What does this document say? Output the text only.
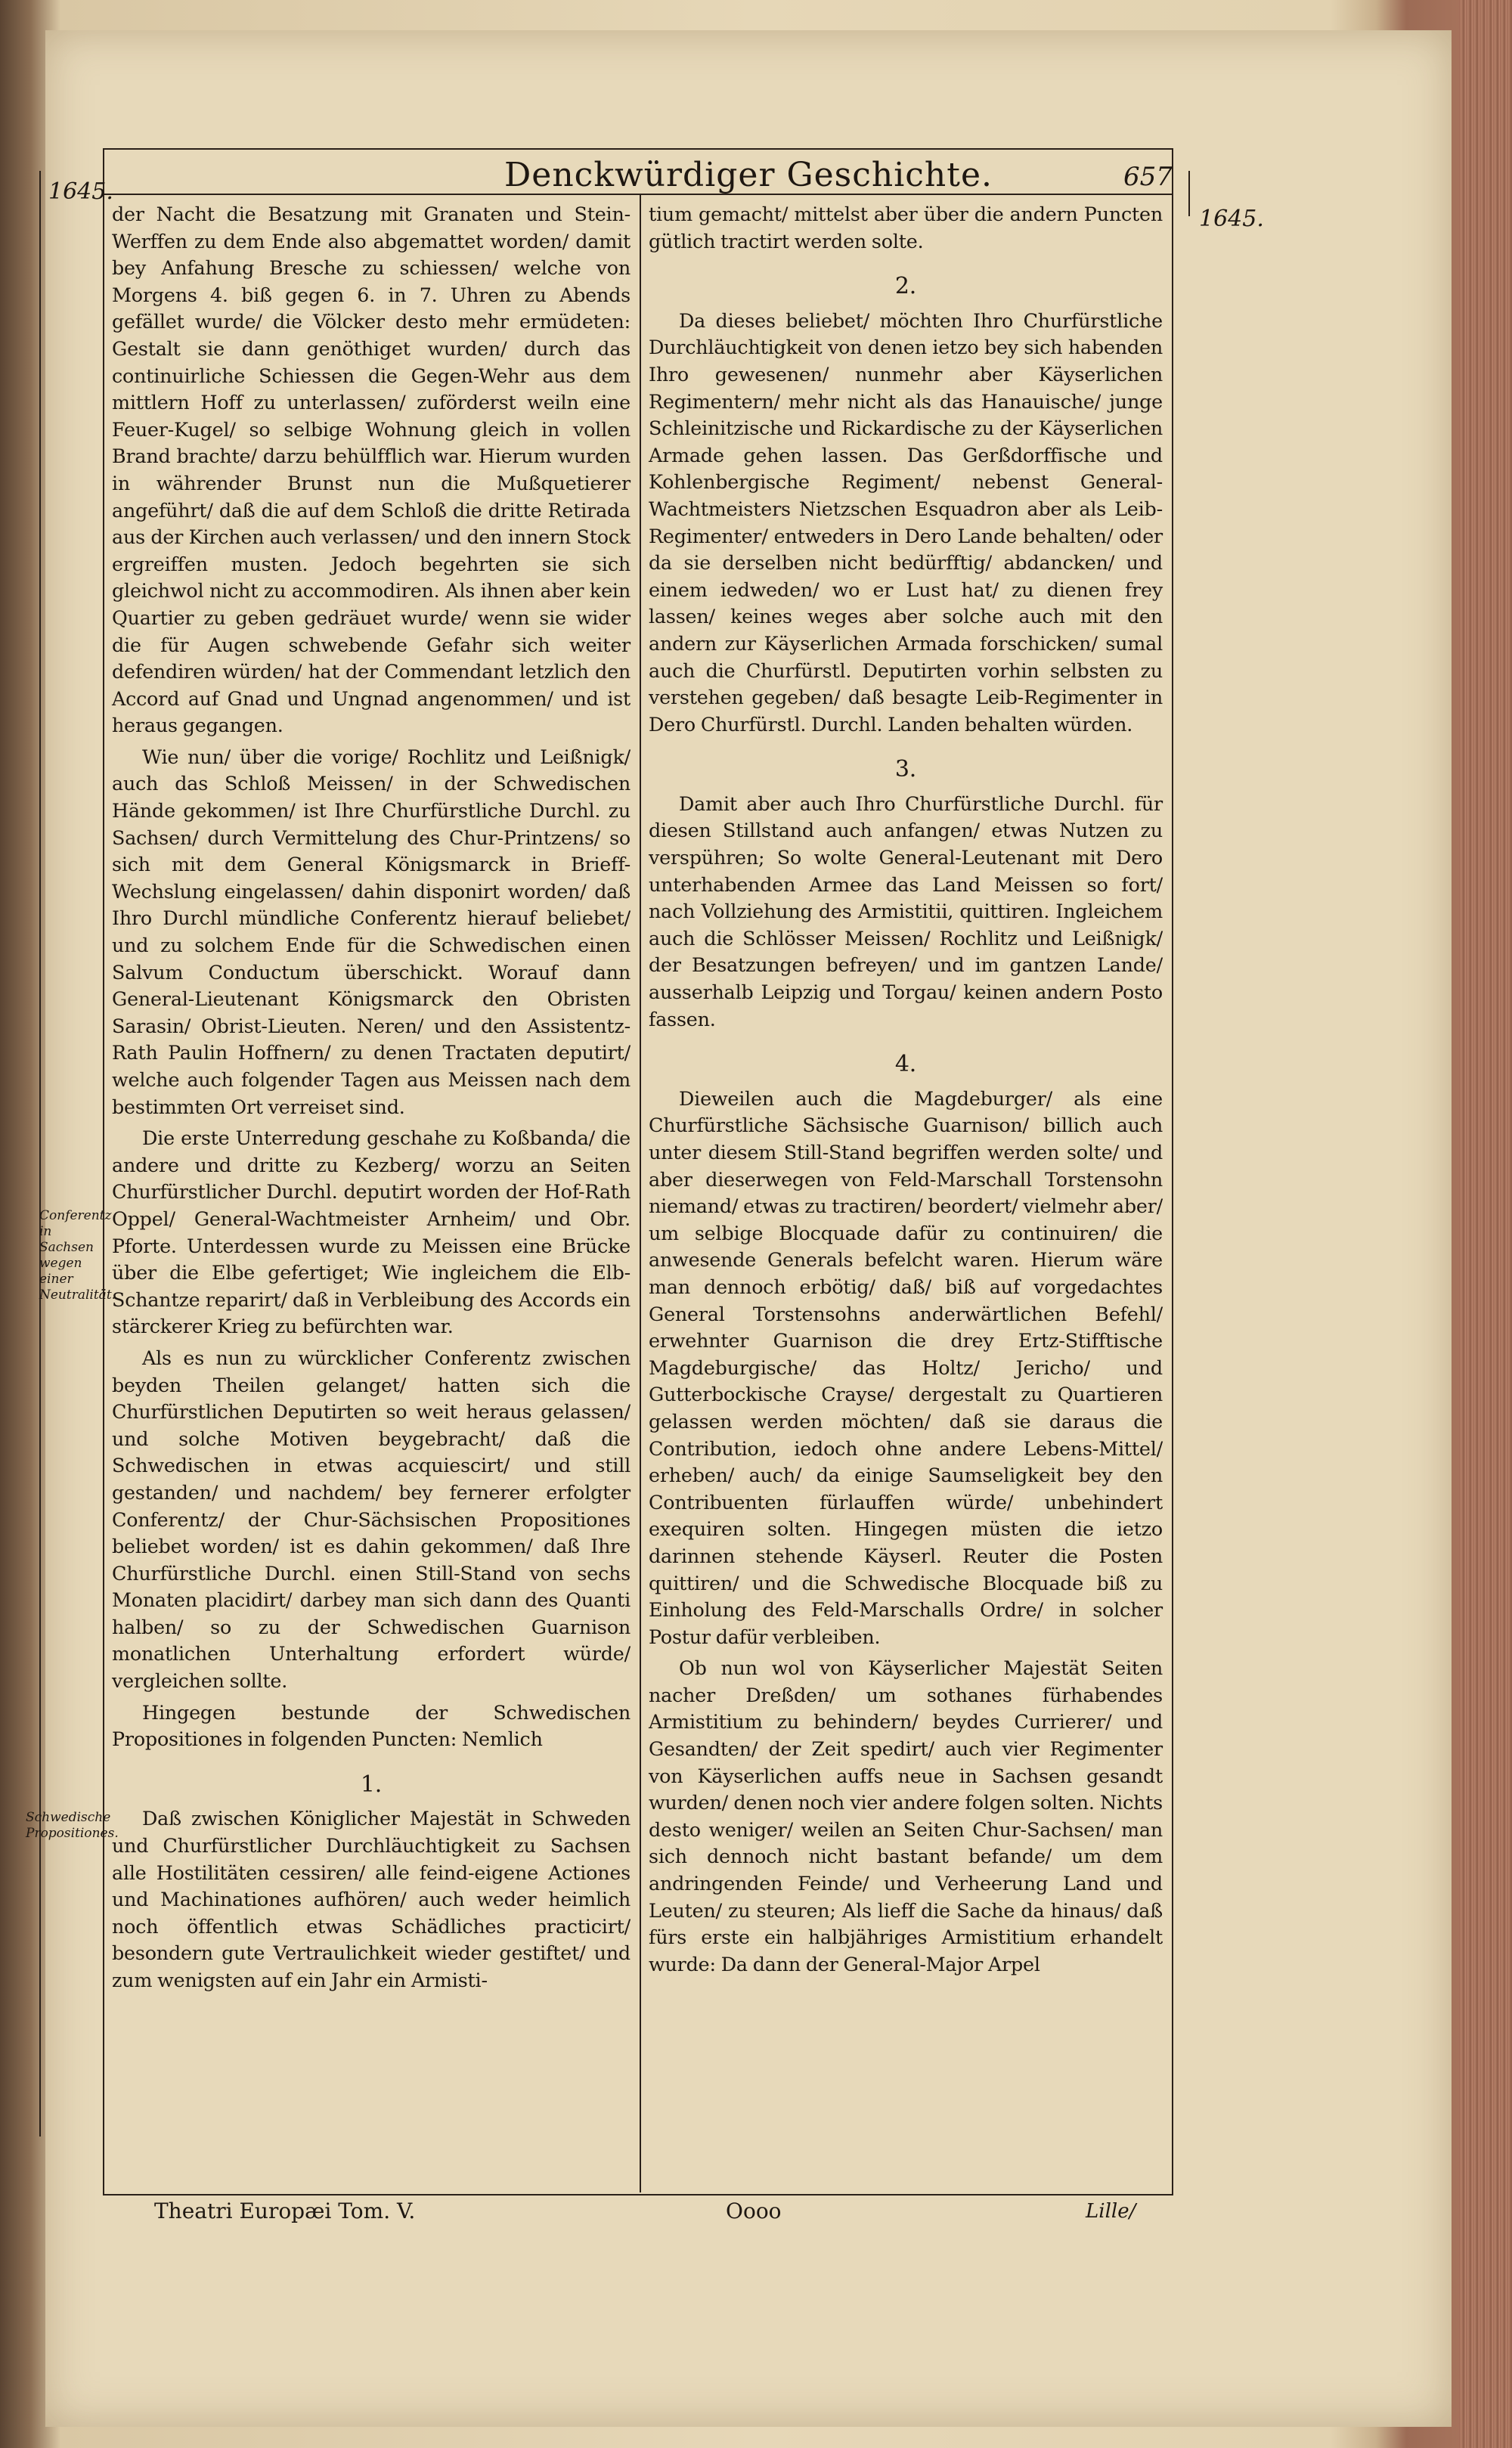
1645.	Denckwürdiger Geschichte.	657
1645.
Conferentz in Sachsen wegen einer Neutralität.
Schwedische Propositiones.

der Nacht die Besatzung mit Granaten und Stein-Werffen zu dem Ende also abgemattet worden/ damit bey Anfahung Bresche zu schiessen/ welche von Morgens 4. biß gegen 6. in 7. Uhren zu Abends gefället wurde/ die Völcker desto mehr ermüdeten: Gestalt sie dann genöthiget wurden/ durch das continuirliche Schiessen die Gegen-Wehr aus dem mittlern Hoff zu unterlassen/ zuförderst weiln eine Feuer-Kugel/ so selbige Wohnung gleich in vollen Brand brachte/ darzu behülfflich war. Hierum wurden in währender Brunst nun die Mußquetierer angeführt/ daß die auf dem Schloß die dritte Retirada aus der Kirchen auch verlassen/ und den innern Stock ergreiffen musten. Jedoch begehrten sie sich gleichwol nicht zu accommodiren. Als ihnen aber kein Quartier zu geben gedräuet wurde/ wenn sie wider die für Augen schwebende Gefahr sich weiter defendiren würden/ hat der Commendant letzlich den Accord auf Gnad und Ungnad angenommen/ und ist heraus gegangen.

Wie nun/ über die vorige/ Rochlitz und Leißnigk/ auch das Schloß Meissen/ in der Schwedischen Hände gekommen/ ist Ihre Churfürstliche Durchl. zu Sachsen/ durch Vermittelung des Chur-Printzens/ so sich mit dem General Königsmarck in Brieff-Wechslung eingelassen/ dahin disponirt worden/ daß Ihro Durchl mündliche Conferentz hierauf beliebet/ und zu solchem Ende für die Schwedischen einen Salvum Conductum überschickt. Worauf dann General-Lieutenant Königsmarck den Obristen Sarasin/ Obrist-Lieuten. Neren/ und den Assistentz-Rath Paulin Hoffnern/ zu denen Tractaten deputirt/ welche auch folgender Tagen aus Meissen nach dem bestimmten Ort verreiset sind.

Die erste Unterredung geschahe zu Koßbanda/ die andere und dritte zu Kezberg/ worzu an Seiten Churfürstlicher Durchl. deputirt worden der Hof-Rath Oppel/ General-Wachtmeister Arnheim/ und Obr. Pforte. Unterdessen wurde zu Meissen eine Brücke über die Elbe gefertiget; Wie ingleichem die Elb-Schantze reparirt/ daß in Verbleibung des Accords ein stärckerer Krieg zu befürchten war.

Als es nun zu würcklicher Conferentz zwischen beyden Theilen gelanget/ hatten sich die Churfürstlichen Deputirten so weit heraus gelassen/ und solche Motiven beygebracht/ daß die Schwedischen in etwas acquiescirt/ und still gestanden/ und nachdem/ bey fernerer erfolgter Conferentz/ der Chur-Sächsischen Propositiones beliebet worden/ ist es dahin gekommen/ daß Ihre Churfürstliche Durchl. einen Still-Stand von sechs Monaten placidirt/ darbey man sich dann des Quanti halben/ so zu der Schwedischen Guarnison monatlichen Unterhaltung erfordert würde/ vergleichen sollte.

Hingegen bestunde der Schwedischen Propositiones in folgenden Puncten: Nemlich

1.

Daß zwischen Königlicher Majestät in Schweden und Churfürstlicher Durchläuchtigkeit zu Sachsen alle Hostilitäten cessiren/ alle feind-eigene Actiones und Machinationes aufhören/ auch weder heimlich noch öffentlich etwas Schädliches practicirt/ besondern gute Vertraulichkeit wieder gestiftet/ und zum wenigsten auf ein Jahr ein Armisti-

tium gemacht/ mittelst aber über die andern Puncten gütlich tractirt werden solte.

2.

Da dieses beliebet/ möchten Ihro Churfürstliche Durchläuchtigkeit von denen ietzo bey sich habenden Ihro gewesenen/ nunmehr aber Käyserlichen Regimentern/ mehr nicht als das Hanauische/ junge Schleinitzische und Rickardische zu der Käyserlichen Armade gehen lassen. Das Gerßdorffische und Kohlenbergische Regiment/ nebenst General-Wachtmeisters Nietzschen Esquadron aber als Leib-Regimenter/ entweders in Dero Lande behalten/ oder da sie derselben nicht bedürfftig/ abdancken/ und einem iedweden/ wo er Lust hat/ zu dienen frey lassen/ keines weges aber solche auch mit den andern zur Käyserlichen Armada forschicken/ sumal auch die Churfürstl. Deputirten vorhin selbsten zu verstehen gegeben/ daß besagte Leib-Regimenter in Dero Churfürstl. Durchl. Landen behalten würden.

3.

Damit aber auch Ihro Churfürstliche Durchl. für diesen Stillstand auch anfangen/ etwas Nutzen zu verspühren; So wolte General-Leutenant mit Dero unterhabenden Armee das Land Meissen so fort/ nach Vollziehung des Armistitii, quittiren. Ingleichem auch die Schlösser Meissen/ Rochlitz und Leißnigk/ der Besatzungen befreyen/ und im gantzen Lande/ ausserhalb Leipzig und Torgau/ keinen andern Posto fassen.

4.

Dieweilen auch die Magdeburger/ als eine Churfürstliche Sächsische Guarnison/ billich auch unter diesem Still-Stand begriffen werden solte/ und aber dieserwegen von Feld-Marschall Torstensohn niemand/ etwas zu tractiren/ beordert/ vielmehr aber/ um selbige Blocquade dafür zu continuiren/ die anwesende Generals befelcht waren. Hierum wäre man dennoch erbötig/ daß/ biß auf vorgedachtes General Torstensohns anderwärtlichen Befehl/ erwehnter Guarnison die drey Ertz-Stifftische Magdeburgische/ das Holtz/ Jericho/ und Gutterbockische Crayse/ dergestalt zu Quartieren gelassen werden möchten/ daß sie daraus die Contribution, iedoch ohne andere Lebens-Mittel/ erheben/ auch/ da einige Saumseligkeit bey den Contribuenten fürlauffen würde/ unbehindert exequiren solten. Hingegen müsten die ietzo darinnen stehende Käyserl. Reuter die Posten quittiren/ und die Schwedische Blocquade biß zu Einholung des Feld-Marschalls Ordre/ in solcher Postur dafür verbleiben.

Ob nun wol von Käyserlicher Majestät Seiten nacher Dreßden/ um sothanes fürhabendes Armistitium zu behindern/ beydes Currierer/ und Gesandten/ der Zeit spedirt/ auch vier Regimenter von Käyserlichen auffs neue in Sachsen gesandt wurden/ denen noch vier andere folgen solten. Nichts desto weniger/ weilen an Seiten Chur-Sachsen/ man sich dennoch nicht bastant befande/ um dem andringenden Feinde/ und Verheerung Land und Leuten/ zu steuren; Als lieff die Sache da hinaus/ daß fürs erste ein halbjähriges Armistitium erhandelt wurde: Da dann der General-Major Arpel

Theatri Europæi Tom. V.	Oooo	Lille/
